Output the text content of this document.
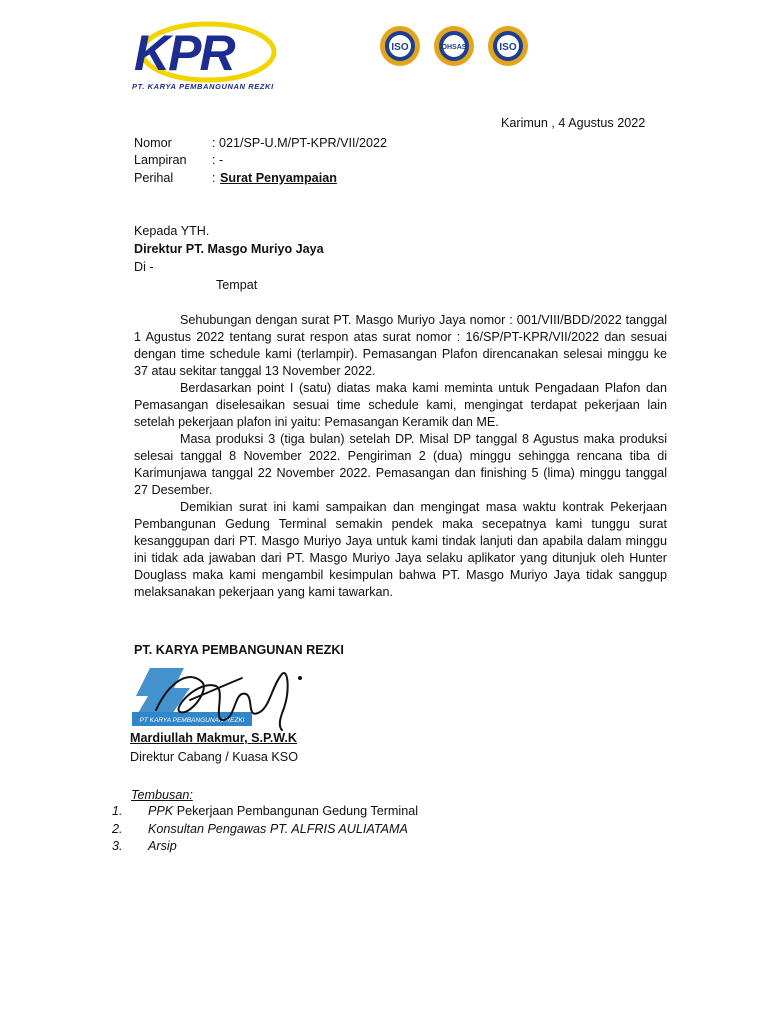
KPR
PT. KARYA PEMBANGUNAN REZKI
ISO	OHSAS	ISO
Karimun , 4 Agustus 2022
Nomor	: 021/SP-U.M/PT-KPR/VII/2022
Lampiran : -
Perihal	: Surat Penyampaian
Kepada YTH.
Direktur PT. Masgo Muriyo Jaya
Di -
Tempat

Sehubungan dengan surat PT. Masgo Muriyo Jaya nomor : 001/VIII/BDD/2022 tanggal 1 Agustus 2022 tentang surat respon atas surat nomor : 16/SP/PT-KPR/VII/2022 dan sesuai dengan time schedule kami (terlampir). Pemasangan Plafon direncanakan selesai minggu ke 37 atau sekitar tanggal 13 November 2022.

Berdasarkan point I (satu) diatas maka kami meminta untuk Pengadaan Plafon dan Pemasangan diselesaikan sesuai time schedule kami, mengingat terdapat pekerjaan lain setelah pekerjaan plafon ini yaitu: Pemasangan Keramik dan ME.

Masa produksi 3 (tiga bulan) setelah DP. Misal DP tanggal 8 Agustus maka produksi selesai tanggal 8 November 2022. Pengiriman 2 (dua) minggu sehingga rencana tiba di Karimunjawa tanggal 22 November 2022. Pemasangan dan finishing 5 (lima) minggu tanggal 27 Desember.

Demikian surat ini kami sampaikan dan mengingat masa waktu kontrak Pekerjaan Pembangunan Gedung Terminal semakin pendek maka secepatnya kami tunggu surat kesanggupan dari PT. Masgo Muriyo Jaya untuk kami tindak lanjuti dan apabila dalam minggu ini tidak ada jawaban dari PT. Masgo Muriyo Jaya selaku aplikator yang ditunjuk oleh Hunter Douglass maka kami mengambil kesimpulan bahwa PT. Masgo Muriyo Jaya tidak sanggup melaksanakan pekerjaan yang kami tawarkan.

PT. KARYA PEMBANGUNAN REZKI
PT KARYA PEMBANGUNAN REZKI
Mardiullah Makmur, S.P.W.K
Direktur Cabang / Kuasa KSO
Tembusan:
1. PPK Pekerjaan Pembangunan Gedung Terminal
2. Konsultan Pengawas PT. ALFRIS AULIATAMA
3. Arsip
